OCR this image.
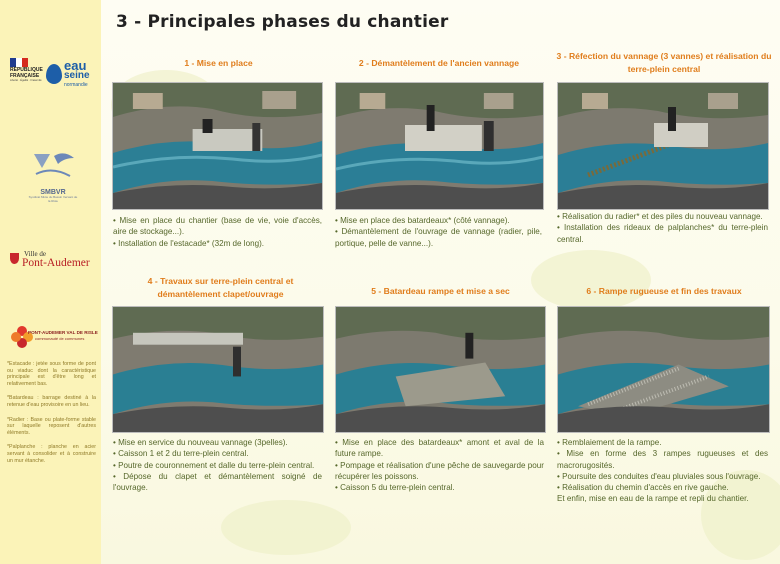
RÉPUBLIQUE
FRANÇAISE
Liberté · Égalité · Fraternité
eau
seine
normandie
SMBVR
Syndicat Mixte du Bassin Versant de la Risle
Ville de
Pont-Audemer
PONT-AUDEMER VAL DE RISLE
communauté de communes
*Estacade : jetée sous forme de pont ou viaduc dont la caractéristique principale est d'être long et relativement bas.
*Batardeau : barrage destiné à la retenue d'eau provisoire en un lieu.
*Radier : Base ou plate-forme stable sur laquelle reposent d'autres éléments.
*Palplanche : planche en acier servant à consolider et à construire un mur étanche.
3 - Principales phases du chantier
1 - Mise en place
• Mise en place du chantier (base de vie, voie d'accès, aire de stockage...).
• Installation de l'estacade* (32m de long).
2 - Démantèlement de l'ancien vannage
• Mise en place des batardeaux* (côté vannage).
• Démantèlement de l'ouvrage de vannage (radier, pile, portique, pelle de vanne...).
3 - Réfection du vannage (3 vannes) et réalisation du terre-plein central
• Réalisation du radier* et des piles du nouveau vannage.
• Installation des rideaux de palplanches* du terre-plein central.
4 - Travaux sur terre-plein central et démantèlement clapet/ouvrage
• Mise en service du nouveau vannage (3pelles).
• Caisson 1 et 2 du terre-plein central.
• Poutre de couronnement et dalle du terre-plein central.
• Dépose du clapet et démantèlement soigné de l'ouvrage.
5 - Batardeau rampe et mise a sec
• Mise en place des batardeaux* amont et aval de la future rampe.
• Pompage et réalisation d'une pêche de sauvegarde pour récupérer les poissons.
• Caisson 5 du terre-plein central.
6 - Rampe rugueuse et fin des travaux
• Remblaiement de la rampe.
• Mise en forme des 3 rampes rugueuses et des macrorugosités.
• Poursuite des conduites d'eau pluviales sous l'ouvrage.
• Réalisation du chemin d'accès en rive gauche.
Et enfin, mise en eau de la rampe et repli du chantier.
